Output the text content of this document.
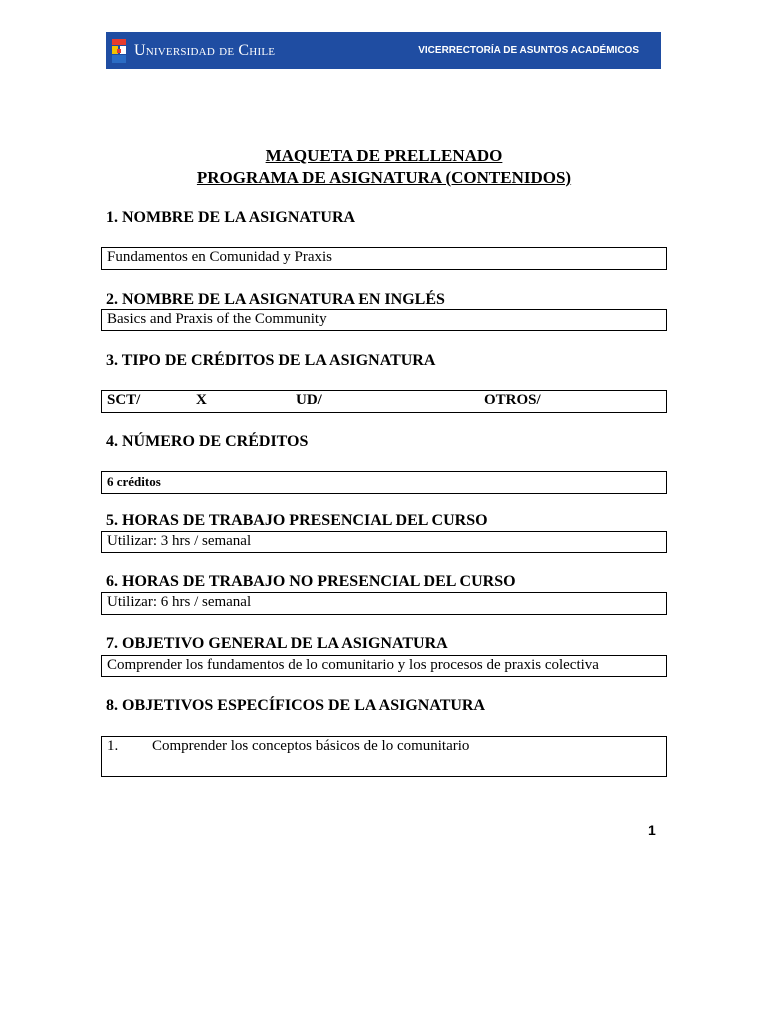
Universidad de Chile	VICERRECTORÍA DE ASUNTOS ACADÉMICOS
MAQUETA DE PRELLENADO
PROGRAMA DE ASIGNATURA (CONTENIDOS)
1. NOMBRE DE LA ASIGNATURA
Fundamentos en Comunidad y Praxis
2. NOMBRE DE LA ASIGNATURA EN INGLÉS
Basics and Praxis of the Community
3. TIPO DE CRÉDITOS DE LA ASIGNATURA
SCT/	X	UD/	OTROS/
4. NÚMERO DE CRÉDITOS
6 créditos
5. HORAS DE TRABAJO PRESENCIAL DEL CURSO
Utilizar: 3 hrs / semanal
6. HORAS DE TRABAJO NO PRESENCIAL DEL CURSO
Utilizar: 6 hrs / semanal
7. OBJETIVO GENERAL DE LA ASIGNATURA
Comprender los fundamentos de lo comunitario y los procesos de praxis colectiva
8. OBJETIVOS ESPECÍFICOS DE LA ASIGNATURA
1. Comprender los conceptos básicos de lo comunitario
1
